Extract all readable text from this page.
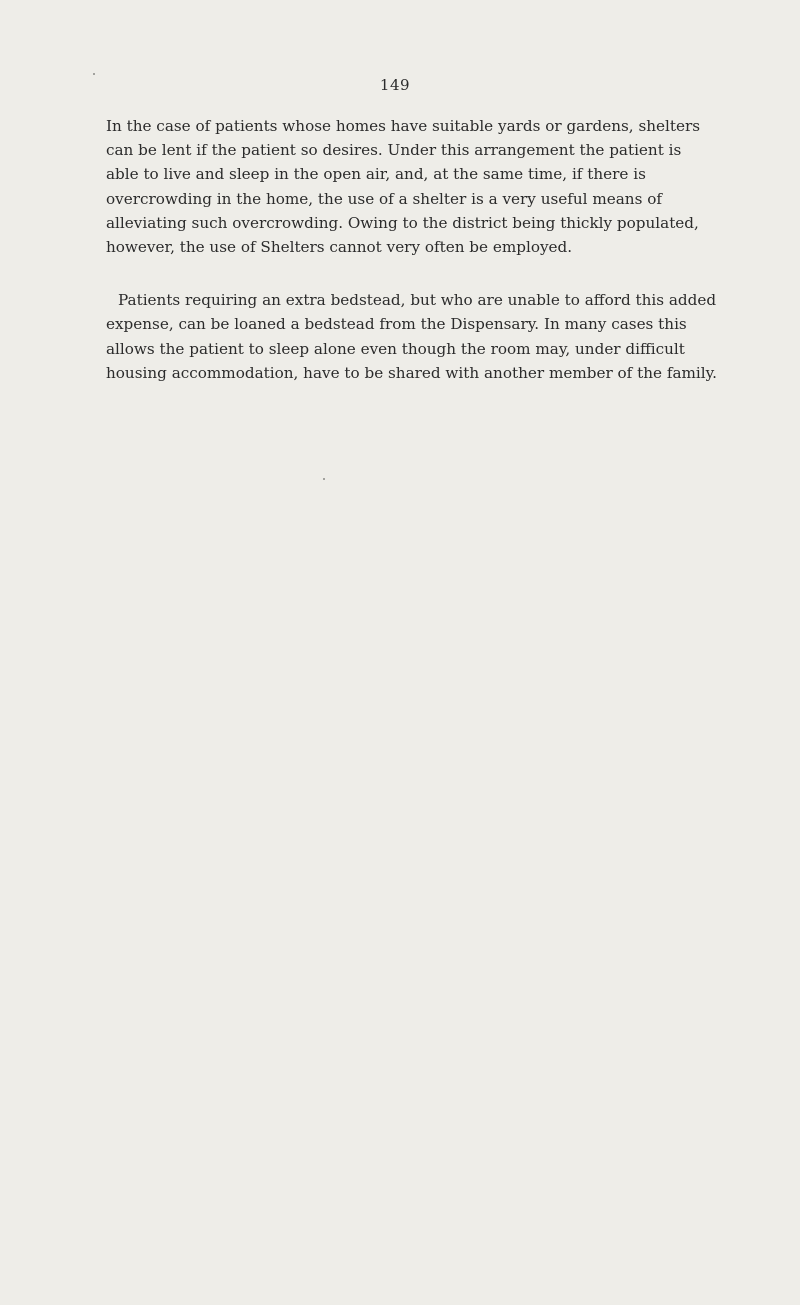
149

In the case of patients whose homes have suitable yards or gardens, shelters can be lent if the patient so desires. Under this arrangement the patient is able to live and sleep in the open air, and, at the same time, if there is overcrowding in the home, the use of a shelter is a very useful means of alleviating such overcrowding. Owing to the district being thickly populated, however, the use of Shelters cannot very often be employed.

Patients requiring an extra bedstead, but who are unable to afford this added expense, can be loaned a bedstead from the Dispensary. In many cases this allows the patient to sleep alone even though the room may, under difficult housing accommodation, have to be shared with another member of the family.
